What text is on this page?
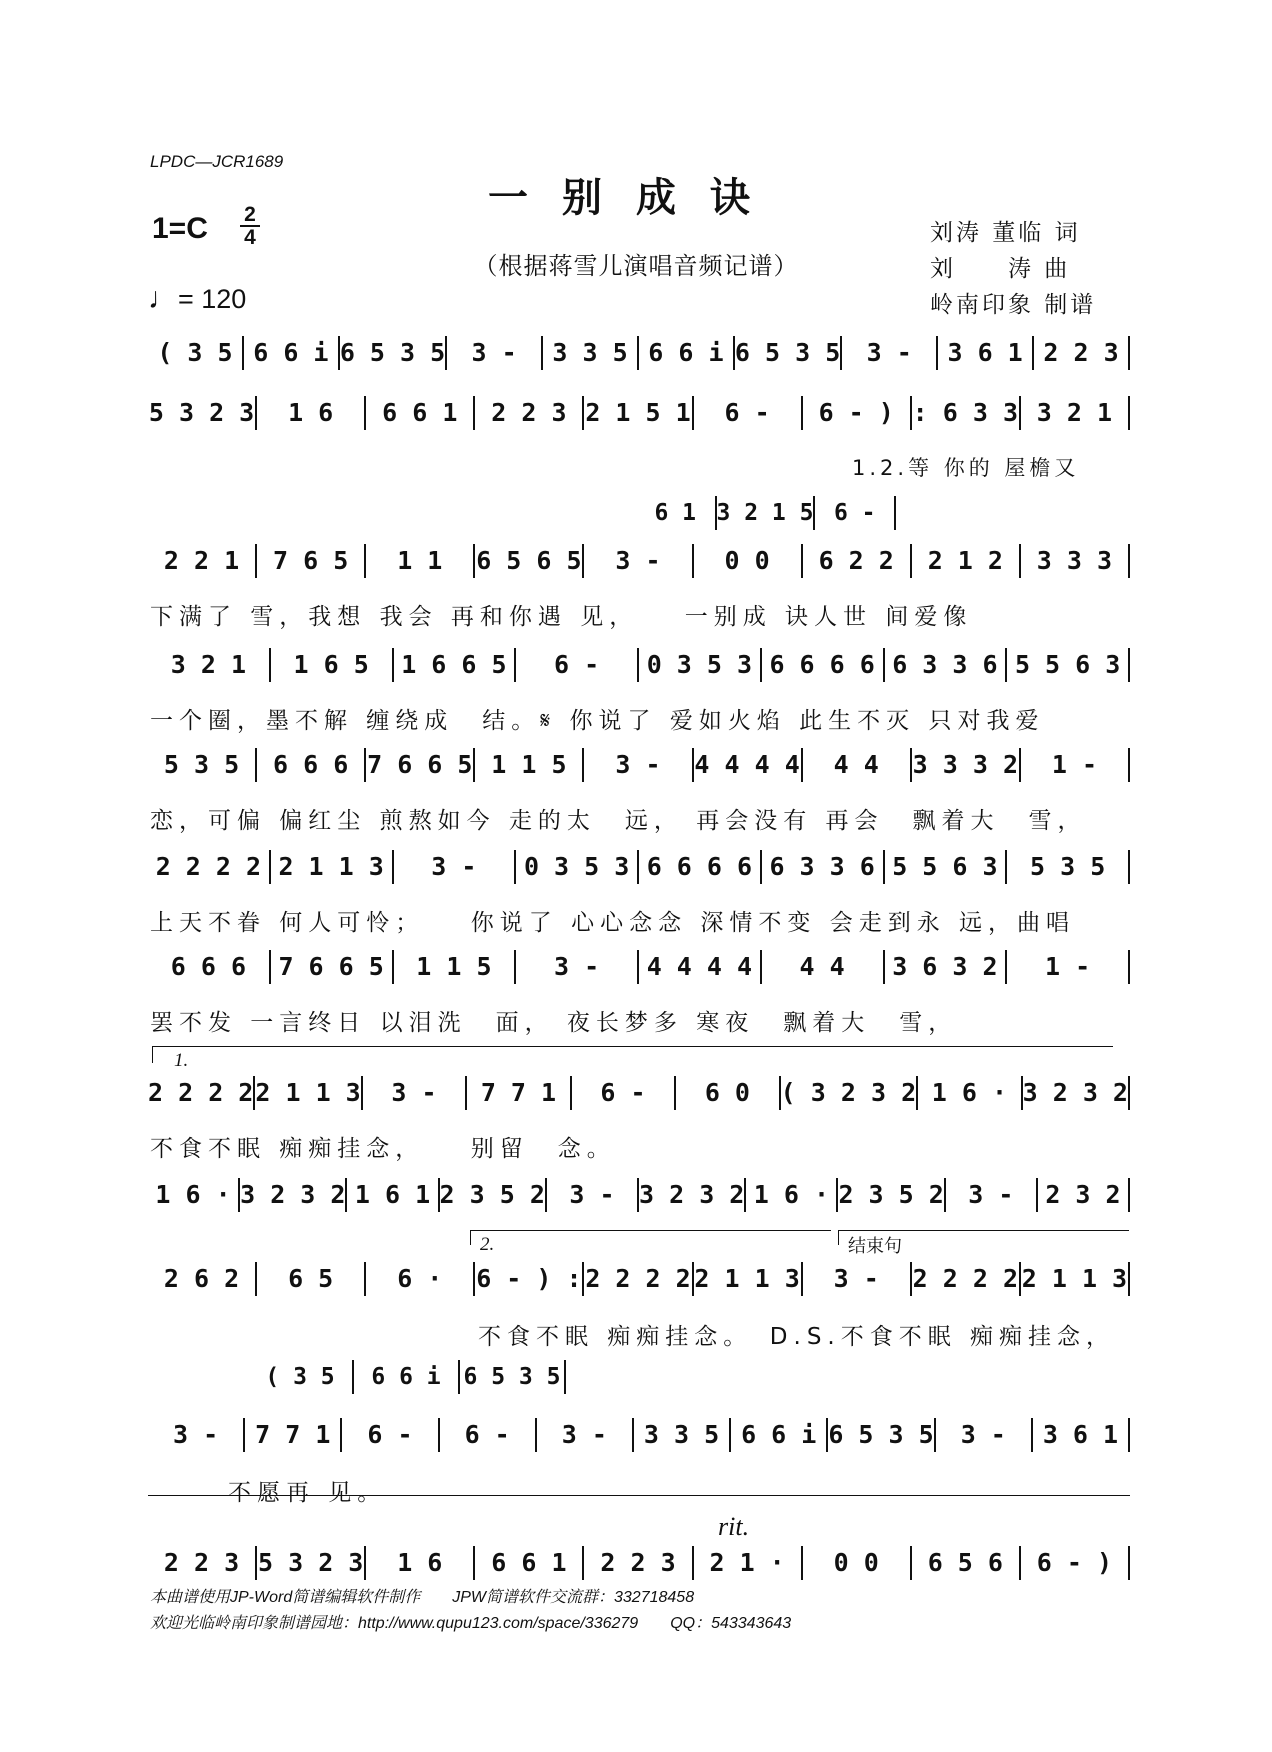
LPDC—JCR1689
一别成诀
（根据蒋雪儿演唱音频记谱）
1=C 2
4
♩= 120
刘涛 董临 词
刘　　涛 曲
岭南印象 制谱
( 3 5 6 6 i 6 5 3 5	3 -	3 3 5 6 6 i 6 5 3 5	3 -	3 6 1 2 2 3
5 3 2 3	1 6	6 6 1	2 2 3 2 1 5 1	6 -	6 - ) : 6 3 3 3 2 1
6 1 3 2 1 5 6 -
2 2 1	7 6 5	1 1	6 5 6 5	3 -	0 0	6 2 2	2 1 2	3 3 3
3 2 1	1 6 5	1 6 6 5	6 -	0 3 5 3 6 6 6 6 6 3 3 6 5 5 6 3
5 3 5	6 6 6 7 6 6 5 1 1 5	3 -	4 4 4 4	4 4	3 3 3 2	1 -
2 2 2 2 2 1 1 3	3 -	0 3 5 3 6 6 6 6 6 3 3 6 5 5 6 3	5 3 5
6 6 6	7 6 6 5	1 1 5	3 -	4 4 4 4	4 4	3 6 3 2	1 -
2 2 2 2 2 1 1 3	3 -	7 7 1	6 -	6 0	( 3 2 3 2 1 6 · 3 2 3 2
1 6 · 3 2 3 2 1 6 1 2 3 5 2 3 - 3 2 3 2 1 6 · 2 3 5 2 3 -	2 3 2
2 6 2	6 5	6 ·	6 - ) : 2 2 2 2 2 1 1 3	3 -	2 2 2 2 2 1 1 3
( 3 5	6 6 i 6 5 3 5
3 -	7 7 1	6 -	6 -	3 -	3 3 5 6 6 i 6 5 3 5	3 -	3 6 1
2 2 3 5 3 2 3	1 6	6 6 1	2 2 3	2 1 ·	0 0	6 5 6	6 - )
1.2.等 你的 屋檐又
下满了 雪，我想 我会 再和你遇 见，　　一别成 诀人世 间爱像
一个圈，墨不解 缠绕成　结。𝄋 你说了 爱如火焰 此生不灭 只对我爱
恋，可偏 偏红尘 煎熬如今 走的太　远， 再会没有 再会　飘着大　雪，
上天不眷 何人可怜；　　你说了 心心念念 深情不变 会走到永 远，曲唱
罢不发 一言终日 以泪洗　面， 夜长梦多 寒夜　飘着大　雪，
不食不眠 痴痴挂念，　　别留　念。
不食不眠 痴痴挂念。　D.S.不食不眠 痴痴挂念，
不愿再 见。
1.
2.	结束句
rit.
本曲谱使用JP-Word简谱编辑软件制作　　JPW简谱软件交流群：332718458
欢迎光临岭南印象制谱园地：http://www.qupu123.com/space/336279　　QQ：543343643
